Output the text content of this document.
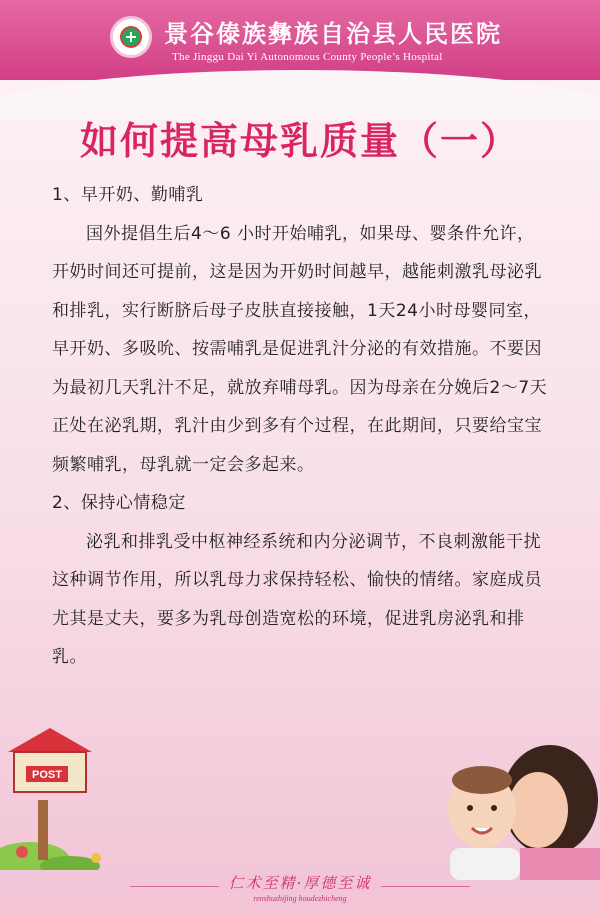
景谷傣族彝族自治县人民医院
The Jinggu Dai Yi Autonomous County People’s Hospital
如何提高母乳质量（一）

1、早开奶、勤哺乳

国外提倡生后4～6 小时开始哺乳，如果母、婴条件允许，开奶时间还可提前，这是因为开奶时间越早，越能刺激乳母泌乳和排乳，实行断脐后母子皮肤直接接触，1天24小时母婴同室，早开奶、多吸吮、按需哺乳是促进乳汁分泌的有效措施。不要因为最初几天乳汁不足，就放弃哺母乳。因为母亲在分娩后2～7天正处在泌乳期，乳汁由少到多有个过程，在此期间，只要给宝宝频繁哺乳，母乳就一定会多起来。

2、保持心情稳定

泌乳和排乳受中枢神经系统和内分泌调节，不良刺激能干扰这种调节作用，所以乳母力求保持轻松、愉快的情绪。家庭成员尤其是丈夫，要多为乳母创造宽松的环境，促进乳房泌乳和排乳。

POST
仁术至精·厚德至诚
renshuzhijing houdezhicheng
